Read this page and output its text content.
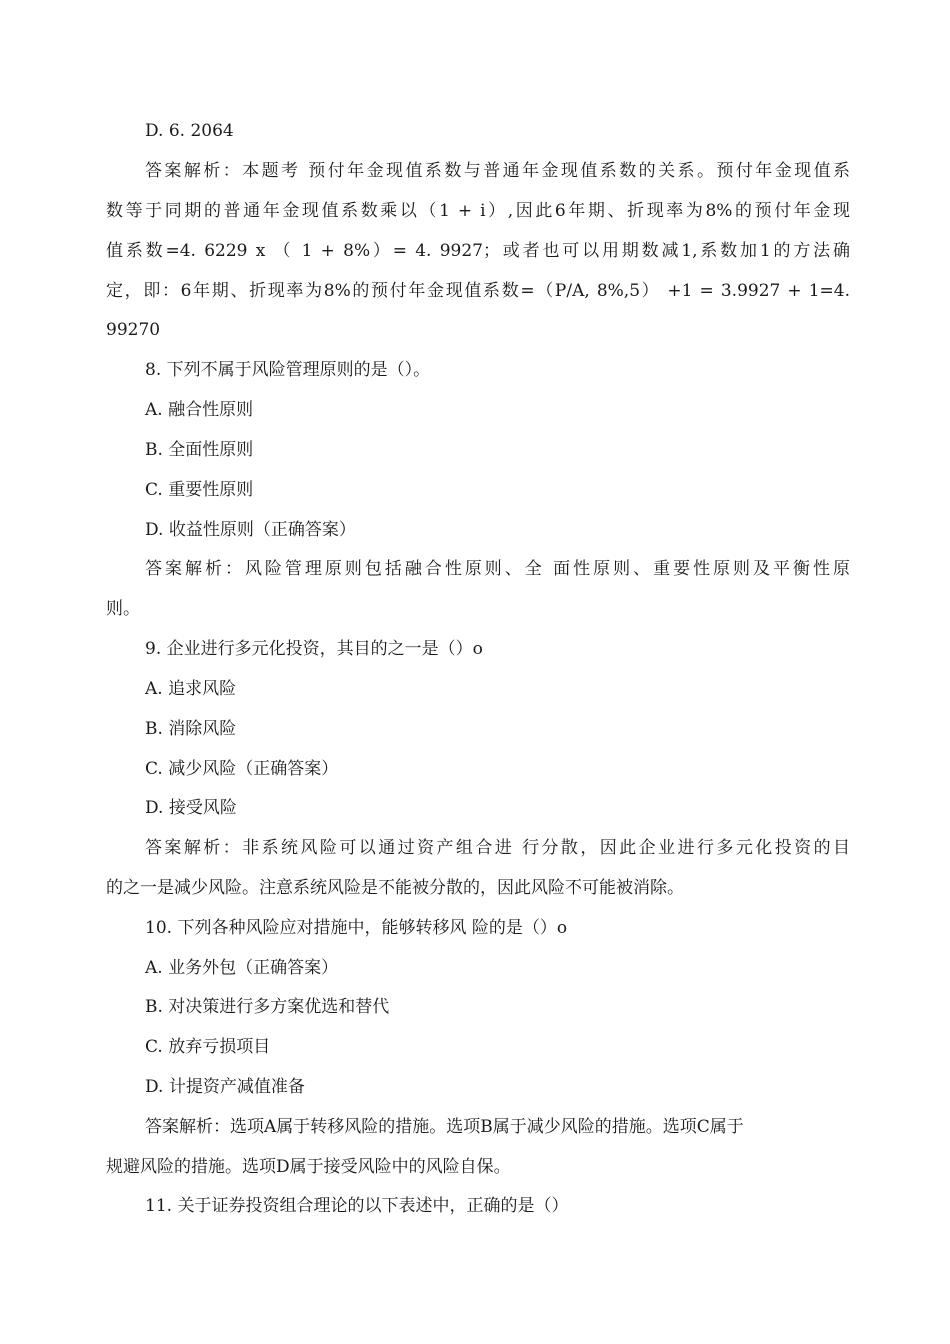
D. 6. 2064
答案解析：本题考 预付年金现值系数与普通年金现值系数的关系。预付年金现值系
数等于同期的普通年金现值系数乘以（1 + i）,因此6年期、折现率为8%的预付年金现
值系数=4. 6229 x （ 1 + 8%）= 4. 9927；或者也可以用期数减1,系数加1的方法确
定，即：6年期、折现率为8%的预付年金现值系数=（P/A, 8%,5） +1 = 3.9927 + 1=4.
99270
8. 下列不属于风险管理原则的是（）。
A. 融合性原则
B. 全面性原则
C. 重要性原则
D. 收益性原则（正确答案）
答案解析：风险管理原则包括融合性原则、全 面性原则、重要性原则及平衡性原
则。
9. 企业进行多元化投资，其目的之一是（）o
A. 追求风险
B. 消除风险
C. 减少风险（正确答案）
D. 接受风险
答案解析：非系统风险可以通过资产组合进 行分散，因此企业进行多元化投资的目
的之一是减少风险。注意系统风险是不能被分散的，因此风险不可能被消除。
10. 下列各种风险应对措施中，能够转移风 险的是（）o
A. 业务外包（正确答案）
B. 对决策进行多方案优选和替代
C. 放弃亏损项目
D. 计提资产减值准备
答案解析：选项A属于转移风险的措施。选项B属于减少风险的措施。选项C属于
规避风险的措施。选项D属于接受风险中的风险自保。
11. 关于证券投资组合理论的以下表述中，正确的是（）
